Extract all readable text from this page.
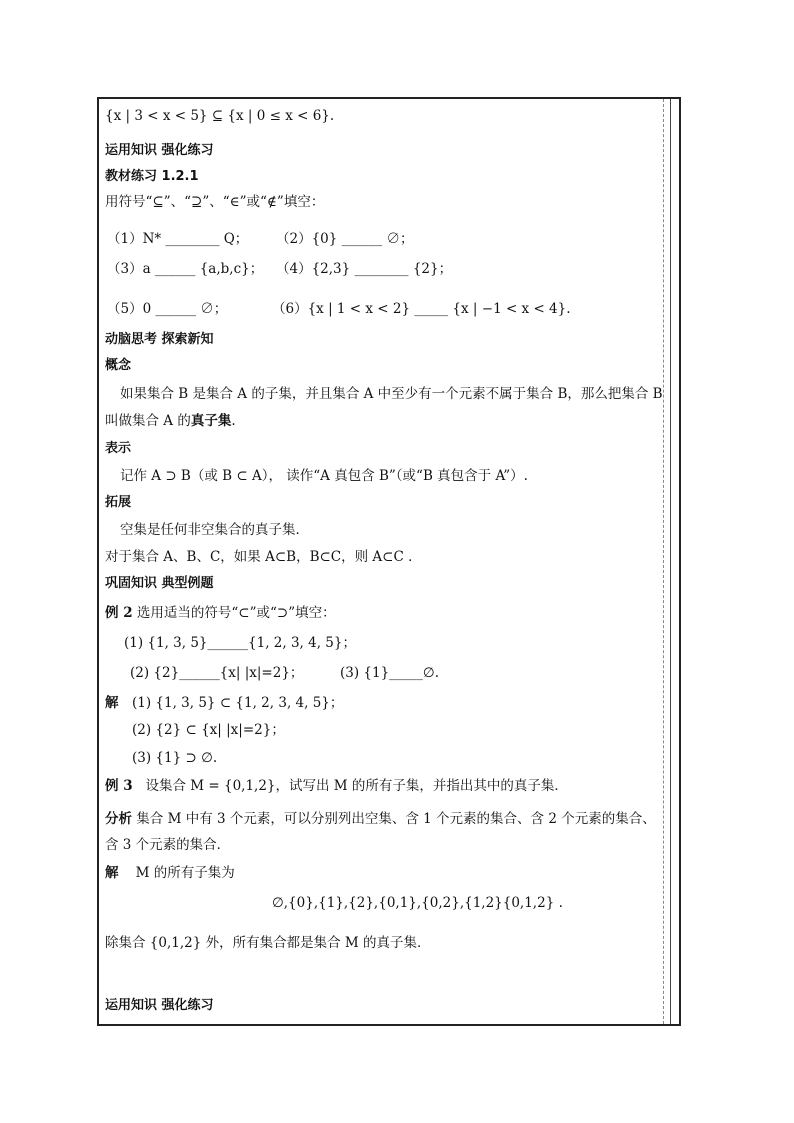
{x | 3 < x < 5} ⊆ {x | 0 ≤ x < 6}.
运用知识 强化练习
教材练习 1.2.1
用符号“⊆”、“⊇”、“∈”或“∉”填空：
（1）N* ________ Q； （2）{0} ______ ∅；
（3）a ______ {a,b,c}； （4）{2,3} ________ {2}；
（5）0 ______ ∅；	（6）{x | 1 < x < 2} _____ {x | −1 < x < 4}.
动脑思考 探索新知
概念
如果集合 B 是集合 A 的子集，并且集合 A 中至少有一个元素不属于集合 B，那么把集合 B
叫做集合 A 的真子集.
表示
记作 A ⊃ B（或 B ⊂ A）， 读作“A 真包含 B”（或“B 真包含于 A”）.
拓展
空集是任何非空集合的真子集．
对于集合 A、B、C，如果 A⊂B，B⊂C，则 A⊂C ．
巩固知识 典型例题
例 2 选用适当的符号“⊂”或“⊃”填空：
(1) {1, 3, 5}______{1, 2, 3, 4, 5}；
(2) {2}______{x| |x|=2}；	(3) {1}_____∅.
解 (1) {1, 3, 5} ⊂ {1, 2, 3, 4, 5}；
(2) {2} ⊂ {x| |x|=2}；
(3) {1} ⊃ ∅.
例 3 设集合 M = {0,1,2}，试写出 M 的所有子集，并指出其中的真子集．
分析 集合 M 中有 3 个元素，可以分别列出空集、含 1 个元素的集合、含 2 个元素的集合、
含 3 个元素的集合．
解 M 的所有子集为
∅,{0},{1},{2},{0,1},{0,2},{1,2}{0,1,2} .
除集合 {0,1,2} 外，所有集合都是集合 M 的真子集．
运用知识 强化练习
